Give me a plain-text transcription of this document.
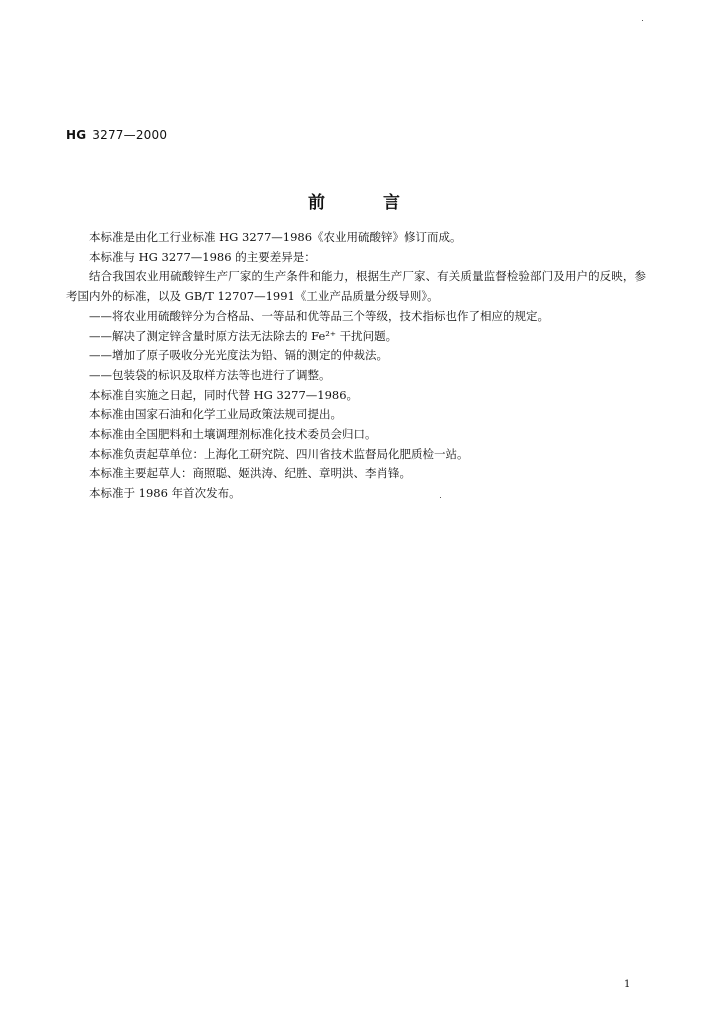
HG 3277—2000
前言

本标准是由化工行业标准 HG 3277—1986《农业用硫酸锌》修订而成。

本标准与 HG 3277—1986 的主要差异是：

结合我国农业用硫酸锌生产厂家的生产条件和能力，根据生产厂家、有关质量监督检验部门及用户的反映，参考国内外的标准，以及 GB/T 12707—1991《工业产品质量分级导则》。

——将农业用硫酸锌分为合格品、一等品和优等品三个等级，技术指标也作了相应的规定。

——解决了测定锌含量时原方法无法除去的 Fe²⁺ 干扰问题。

——增加了原子吸收分光光度法为铅、镉的测定的仲裁法。

——包装袋的标识及取样方法等也进行了调整。

本标准自实施之日起，同时代替 HG 3277—1986。

本标准由国家石油和化学工业局政策法规司提出。

本标准由全国肥料和土壤调理剂标准化技术委员会归口。

本标准负责起草单位：上海化工研究院、四川省技术监督局化肥质检一站。

本标准主要起草人：商照聪、姬洪涛、纪胜、章明洪、李肖锋。

本标准于 1986 年首次发布。

1
